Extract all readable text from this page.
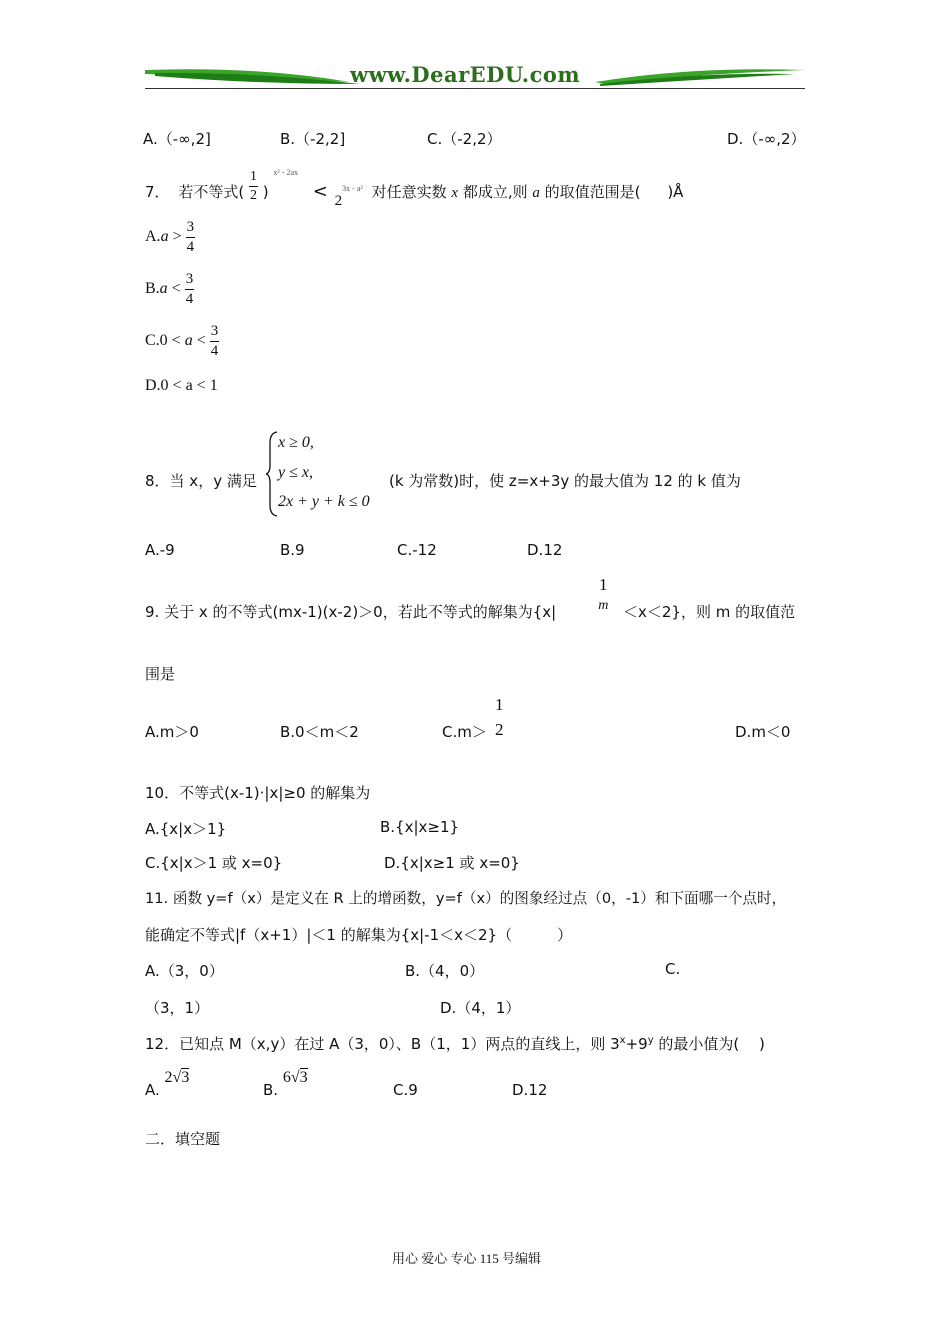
www.DearEDU.com
A.（-∞,2]	B.（-2,2]	C.（-2,2）	D.（-∞,2）
7． 若不等式( $\frac{1}{2}$ ) $^{x^2 - 2ax}$ < 23x - a² 对任意实数 x 都成立,则 a 的取值范围是( )Å
$A.a > \frac{3}{4}$
$B.a < \frac{3}{4}$
$C.0 < a < \frac{3}{4}$
D.0 < a < 1
8．当 x，y 满足
x ≥ 0,
y ≤ x,
2x + y + k ≤ 0
(k 为常数)时，使 z=x+3y 的最大值为 12 的 k 值为
A.-9	B.9	C.-12	D.12
9. 关于 x 的不等式(mx-1)(x-2)＞0，若此不等式的解集为{x|
1
m ＜x＜2}，则 m 的取值范
围是
A.m＞0	B.0＜m＜2	C.m＞
1
2	D.m＜0
10．不等式(x-1)·|x|≥0 的解集为
A.{x|x＞1}	B.{x|x≥1}
C.{x|x＞1 或 x=0}	D.{x|x≥1 或 x=0}
11. 函数 y=f（x）是定义在 R 上的增函数，y=f（x）的图象经过点（0，-1）和下面哪一个点时，
能确定不等式|f（x+1）|＜1 的解集为{x|-1＜x＜2}（　　　）
A.（3，0）	B.（4，0）	C.
（3，1）	D.（4，1）
12．已知点 M（x,y）在过 A（3，0）、B（1，1）两点的直线上，则 $3^x+9^y$ 的最小值为(　 )
A. 2√3
B. 6√3
C.9	D.12
二．填空题
用心 爱心 专心 115 号编辑
